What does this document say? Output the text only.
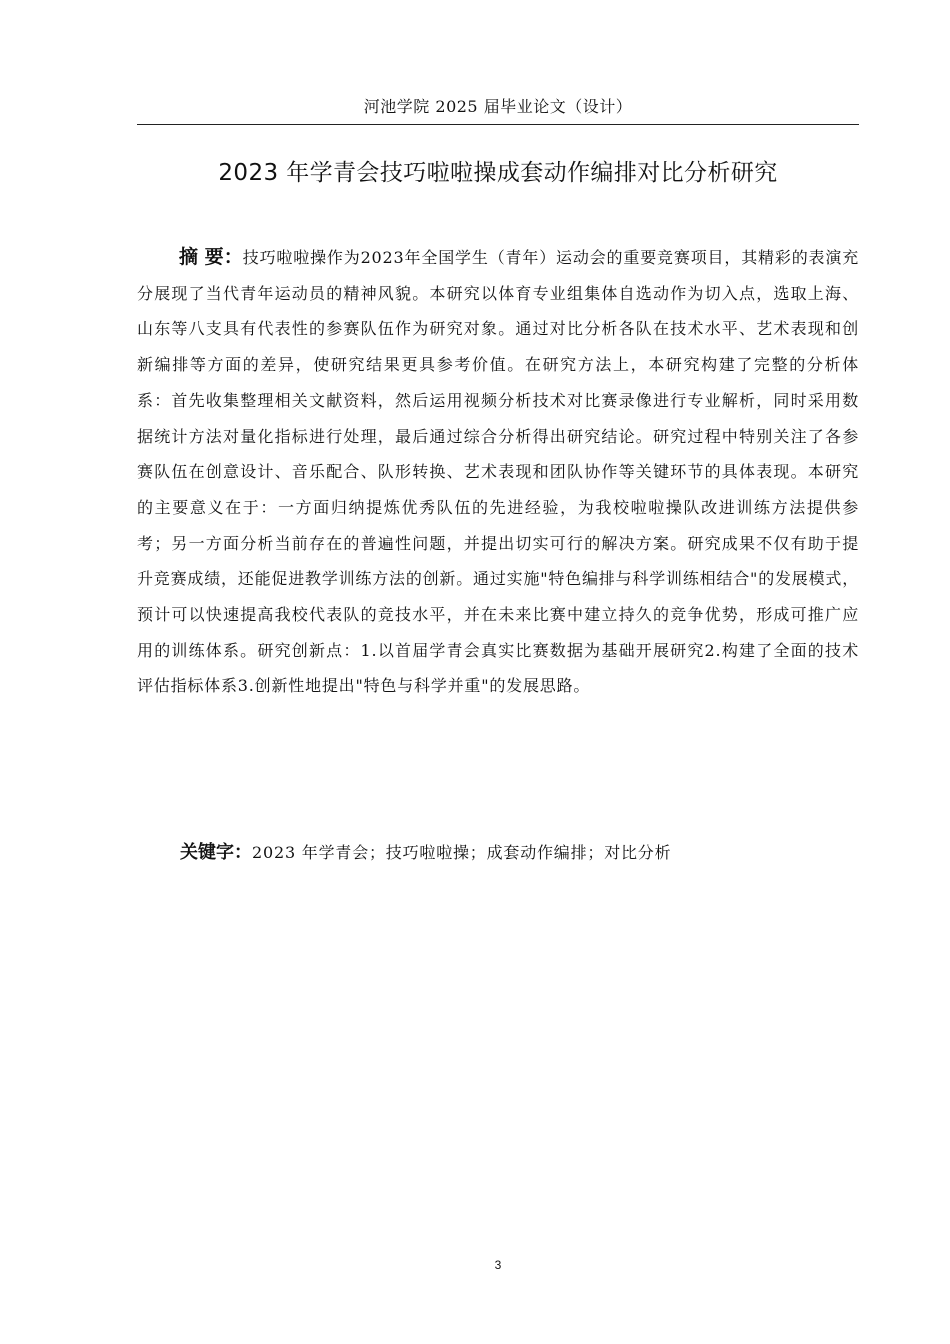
河池学院 2025 届毕业论文（设计）
2023 年学青会技巧啦啦操成套动作编排对比分析研究

摘 要：技巧啦啦操作为2023年全国学生（青年）运动会的重要竞赛项目，其精彩的表演充分展现了当代青年运动员的精神风貌。本研究以体育专业组集体自选动作为切入点，选取上海、山东等八支具有代表性的参赛队伍作为研究对象。通过对比分析各队在技术水平、艺术表现和创新编排等方面的差异，使研究结果更具参考价值。在研究方法上，本研究构建了完整的分析体系：首先收集整理相关文献资料，然后运用视频分析技术对比赛录像进行专业解析，同时采用数据统计方法对量化指标进行处理，最后通过综合分析得出研究结论。研究过程中特别关注了各参赛队伍在创意设计、音乐配合、队形转换、艺术表现和团队协作等关键环节的具体表现。本研究的主要意义在于：一方面归纳提炼优秀队伍的先进经验，为我校啦啦操队改进训练方法提供参考；另一方面分析当前存在的普遍性问题，并提出切实可行的解决方案。研究成果不仅有助于提升竞赛成绩，还能促进教学训练方法的创新。通过实施"特色编排与科学训练相结合"的发展模式，预计可以快速提高我校代表队的竞技水平，并在未来比赛中建立持久的竞争优势，形成可推广应用的训练体系。研究创新点：1.以首届学青会真实比赛数据为基础开展研究2.构建了全面的技术评估指标体系3.创新性地提出"特色与科学并重"的发展思路。

关键字：2023 年学青会；技巧啦啦操；成套动作编排；对比分析

3
